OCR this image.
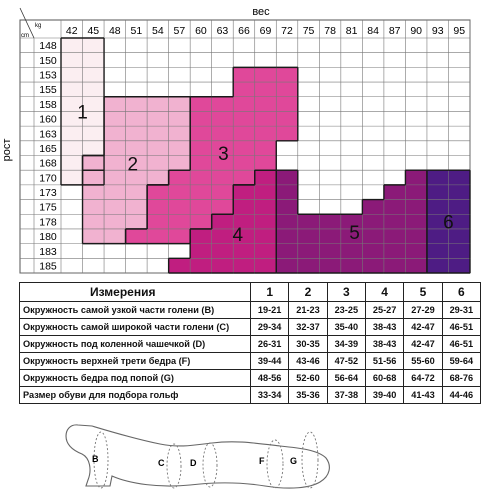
1
2	3
4	5	6
42 45 48 51 54 57 60 63 66 69 72 75 78 81 84 87 90 93 95
148
150
153
155
158
160
163
165
168
170
173
175
178
180
183
185
вес
рост
kg
cm
Измерения	1	2	3	4	5	6
Окружность самой узкой части голени (B)	19-21	21-23	23-25	25-27	27-29	29-31
Окружность самой широкой части голени (C)	29-34	32-37	35-40	38-43	42-47	46-51
Окружность под коленной чашечкой (D)	26-31	30-35	34-39	38-43	42-47	46-51
Окружность верхней трети бедра (F)	39-44	43-46	47-52	51-56	55-60	59-64
Окружность бедра под попой (G)	48-56	52-60	56-64	60-68	64-72	68-76
Размер обуви для подбора гольф	33-34	35-36	37-38	39-40	41-43	44-46
B	C	D	F	G
